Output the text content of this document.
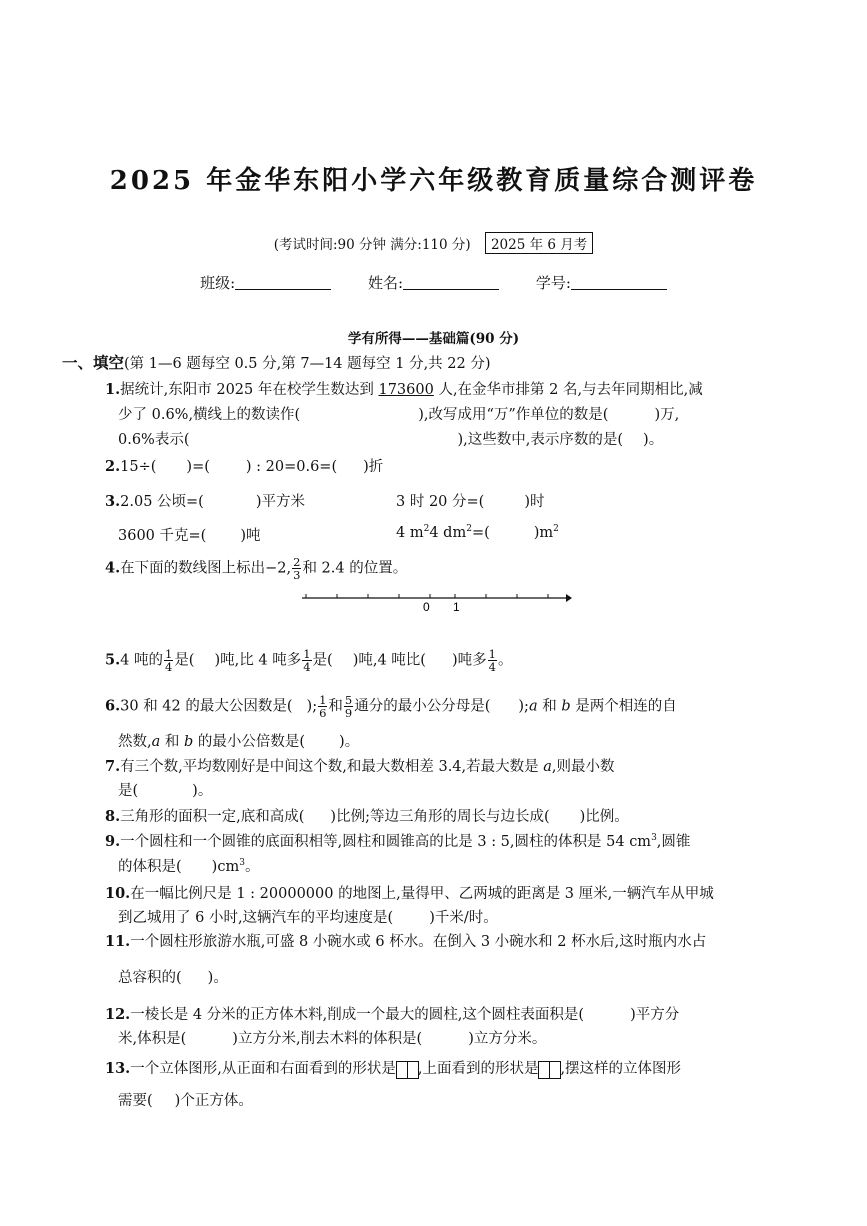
2025 年金华东阳小学六年级教育质量综合测评卷
(考试时间:90 分钟 满分:110 分) 2025 年 6 月考
班级:	姓名:	学号:
学有所得——基础篇(90 分)
一、填空(第 1—6 题每空 0.5 分,第 7—14 题每空 1 分,共 22 分)
1.据统计,东阳市 2025 年在校学生数达到 173600 人,在金华市排第 2 名,与去年同期相比,减
少了 0.6%,横线上的数读作(	),改写成用“万”作单位的数是(	)万,
0.6%表示(	),这些数中,表示序数的是( )。
2.15÷( )=( ) : 20=0.6=( )折
3.2.05 公顷=(	)平方米	3 时 20 分=(	)时
3600 千克=( )吨	4 $m^24$ $dm^2=$(	)$m^2$
4.在下面的数线图上标出−2, $\frac{2}{3}$ 和 2.4 的位置。
0 1
5.4 吨的 $\frac{1}{4}$ 是( )吨,比 4 吨多 $\frac{1}{4}$ 是( )吨,4 吨比( )吨多 $\frac{1}{4}$ 。
6.30 和 42 的最大公因数是( ); $\frac{1}{6}$ 和 $\frac{5}{9}$ 通分的最小公分母是( );a 和 b 是两个相连的自
然数,a 和 b 的最小公倍数是( )。
7.有三个数,平均数刚好是中间这个数,和最大数相差 3.4,若最大数是 a,则最小数
是(	)。
8.三角形的面积一定,底和高成( )比例;等边三角形的周长与边长成( )比例。
9.一个圆柱和一个圆锥的底面积相等,圆柱和圆锥高的比是 3 : 5,圆柱的体积是 54 $cm^3$,圆锥
的体积是( )$cm^3$。
10.在一幅比例尺是 1 : 20000000 的地图上,量得甲、乙两城的距离是 3 厘米,一辆汽车从甲城
到乙城用了 6 小时,这辆汽车的平均速度是( )千米/时。
11.一个圆柱形旅游水瓶,可盛 8 小碗水或 6 杯水。在倒入 3 小碗水和 2 杯水后,这时瓶内水占
总容积的( )。
12.一棱长是 4 分米的正方体木料,削成一个最大的圆柱,这个圆柱表面积是(	)平方分
米,体积是(	)立方分米,削去木料的体积是(	)立方分米。
13.一个立体图形,从正面和右面看到的形状是 ,上面看到的形状是 ,摆这样的立体图形
需要( )个正方体。
